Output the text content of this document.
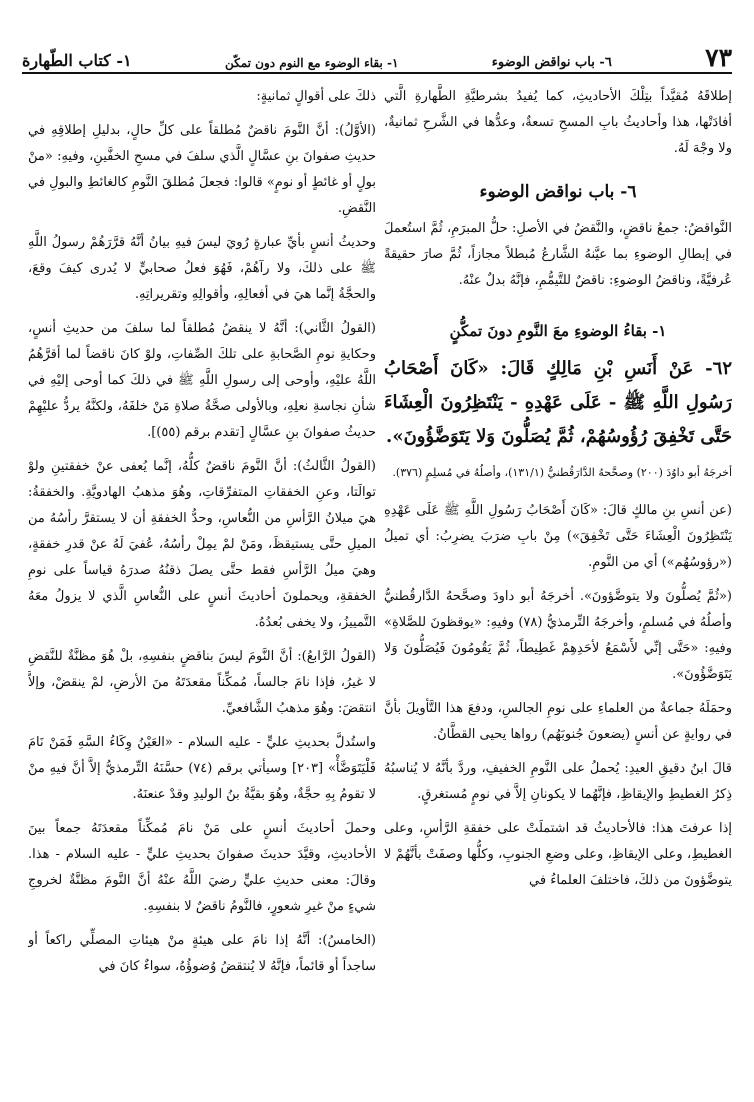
٧٣
٦- باب نواقض الوضوء
١- بقاء الوضوء مع النوم دون تمكّن
١- كتاب الطّهارة

إطلاقَهُ مُقيَّداً بتِلْكَ الأحاديثِ، كما يُفيدُ بشرطيَّةِ الطَّهارةِ الَّتي أفادَتْها، هذا وأحاديثُ بابِ المسحِ تسعةٌ، وعدُّها في الشَّرحِ ثمانيةٌ، ولا وجْهَ لَهُ.

٦- باب نواقض الوضوء

النَّواقضُ: جمعُ ناقضٍ، والنَّقضُ في الأصلِ: حلُّ المبرَمِ، ثُمَّ استُعملَ في إبطالِ الوضوءِ بما عيَّنهُ الشَّارعُ مُبطلاً مجازاً، ثُمَّ صارَ حقيقةً عُرفيَّةً، وناقضُ الوضوءِ: ناقضٌ للتَّيمُّمِ، فإنَّهُ بدلٌ عنْهُ.

١- بقاءُ الوضوءِ معَ النَّومِ دونَ تمكُّنٍ

٦٢- عَنْ أَنَسِ بْنِ مَالِكٍ قَالَ: «كَانَ أَصْحَابُ رَسُولِ اللَّهِ ﷺ - عَلَى عَهْدِهِ - يَنْتَظِرُونَ الْعِشَاءَ حَتَّى تَخْفِقَ رُؤُوسُهُمْ، ثُمَّ يُصَلُّونَ وَلا يَتَوَضَّؤُونَ».

أخرجَهُ أبو داوُدَ (٢٠٠) وصحَّحهُ الدَّارَقُطنيُّ (١٣١/١)، وأصلُهُ في مُسلِمٍ (٣٧٦).

(عن أنسِ بنِ مالكٍ قالَ: «كَانَ أَصْحَابُ رَسُولِ اللَّهِ ﷺ عَلَى عَهْدِهِ يَنْتَظِرُونَ الْعِشَاءَ حَتَّى تَخْفِقَ») مِنْ بابِ ضرَبَ يضرِبُ: أي تميلُ («رؤوسُهُم») أي من النَّومِ.

(«ثُمَّ يُصلُّونَ ولا يتوضَّؤونَ». أخرجَهُ أبو داودَ وصحَّحهُ الدَّارقُطنيُّ وأصلُهُ في مُسلمٍ، وأخرجَهُ التِّرمذيُّ (٧٨) وفيهِ: «يوقظونَ للصَّلاةِ» وفيهِ: «حَتَّى إنِّي لأَسْمَعُ لأحَدِهِمْ غَطِيطاً، ثُمَّ يَقُومُونَ فَيُصَلُّونَ وَلا يَتَوَضَّؤُونَ».

وحمَلَهُ جماعةٌ من العلماءِ على نومِ الجالسِ، ودفعَ هذا التَّأويلَ بأنَّ في روايةٍ عن أنسٍ (يضعونَ جُنوبَهُم) رواها يحيى القطَّانُ.

قالَ ابنُ دقيقِ العيدِ: يُحملُ على النَّومِ الخفيفِ، وردَّ بأنَّهُ لا يُناسبُهُ ذِكرُ الغطيطِ والإيقاظِ، فإنَّهُما لا يكونانِ إلاَّ في نومٍ مُستغرقٍ.

إذا عرفتَ هذا: فالأحاديثُ قد اشتملَتْ على خفقةِ الرَّأسِ، وعلى الغطيطِ، وعلى الإيقاظِ، وعلى وضعِ الجنوبِ، وكلُّها وصفَتْ بأنَّهُمْ لا يتوضَّؤونَ من ذلكَ، فاختلفَ العلماءُ في

ذلكَ على أقوالٍ ثمانيةٍ:

(الأوَّلُ): أنَّ النَّومَ ناقضٌ مُطلقاً على كلِّ حالٍ، بدليلِ إطلاقِهِ في حديثِ صفوانَ بنِ عسَّالٍ الَّذي سلفَ في مسحِ الخفَّينِ، وفيهِ: «منْ بولٍ أو غائطٍ أو نومٍ» قالوا: فجعلَ مُطلقَ النَّومِ كالغائطِ والبولِ في النَّقضِ.

وحديثُ أنسٍ بأيِّ عبارةٍ رُويَ ليسَ فيهِ بيانُ أنَّهُ قرَّرَهُمْ رسولُ اللَّهِ ﷺ على ذلكَ، ولا رآهُمْ، فَهُوَ فعلُ صحابيٍّ لا يُدرى كيفَ وقعَ، والحجَّةُ إنَّما هيَ في أفعالِهِ، وأقوالِهِ وتقريراتِهِ.

(القولُ الثَّاني): أنَّهُ لا ينقضُ مُطلقاً لما سلفَ من حديثِ أنسٍ، وحكايةِ نومِ الصَّحابةِ على تلكَ الصِّفاتِ، ولوْ كانَ ناقضاً لما أقرَّهُمُ اللَّهُ عليْهِ، وأوحى إلى رسولِ اللَّهِ ﷺ في ذلكَ كما أوحى إليْهِ في شأنِ نجاسةِ نعلِهِ، وبالأولى صحَّةُ صلاةِ مَنْ خلفَهُ، ولكنَّهُ يردُّ عليْهِمْ حديثُ صفوانَ بنِ عسَّالٍ [تقدم برقم (٥٥)].

(القولُ الثَّالثُ): أنَّ النَّومَ ناقضٌ كلُّهُ، إنَّما يُعفى عنْ خفقتينِ ولوْ توالَتا، وعنِ الخفقاتِ المتفرِّقاتِ، وهُوَ مذهبُ الهادويَّةِ. والخفقةُ: هيَ ميلانُ الرَّأسِ من النُّعاسِ، وحدُّ الخفقةِ أن لا يستقرَّ رأسُهُ من الميلِ حتَّى يستيقظَ، ومَنْ لمْ يمِلْ رأسُهُ، عُفيَ لَهُ عنْ قدرِ خفقةٍ، وهيَ ميلُ الرَّأسِ فقط حتَّى يصلَ ذقنُهُ صدرَهُ قياساً على نومِ الخفقةِ، ويحملونَ أحاديثَ أنسٍ على النُّعاسِ الَّذي لا يزولُ معَهُ التَّمييزُ، ولا يخفى بُعدُهُ.

(القولُ الرَّابعُ): أنَّ النَّومَ ليسَ بناقضٍ بنفسِهِ، بلْ هُوَ مظنَّةٌ للنَّقضِ لا غيرُ، فإذا نامَ جالساً، مُمكِّناً مقعدَتَهُ منَ الأرضِ، لمْ ينقضْ، وإلاَّ انتقضَ: وهُوَ مذهبُ الشَّافعيِّ.

واستُدلَّ بحديثِ عليٍّ - عليه السلام - «العَيْنُ وِكَاءُ السَّهِ فَمَنْ نَامَ فَلْيَتَوَضَّأْ» [٢٠٣] وسيأتي برقم (٧٤) حسَّنَهُ التِّرمذيُّ إلاَّ أنَّ فيهِ منْ لا تقومُ بِهِ حجَّةٌ، وهُوَ بقيَّةُ بنُ الوليدِ وقدْ عنعنَهُ.

وحملَ أحاديثَ أنسٍ على مَنْ نامَ مُمكِّناً مقعدَتَهُ جمعاً بينَ الأحاديثِ، وقيَّدَ حديثَ صفوانَ بحديثِ عليٍّ - عليه السلام - هذا. وقالَ: معنى حديثِ عليٍّ رضيَ اللَّهُ عنْهُ أنَّ النَّومَ مظنَّةٌ لخروجِ شيءٍ منْ غيرِ شعورٍ، فالنَّومُ ناقضٌ لا بنفسِهِ.

(الخامسُ): أنَّهُ إذا نامَ على هيئةٍ منْ هيئاتِ المصلِّي راكعاً أو ساجداً أو قائماً، فإنَّهُ لا يُنتقضُ وُضوؤُهُ، سواءٌ كانَ في
